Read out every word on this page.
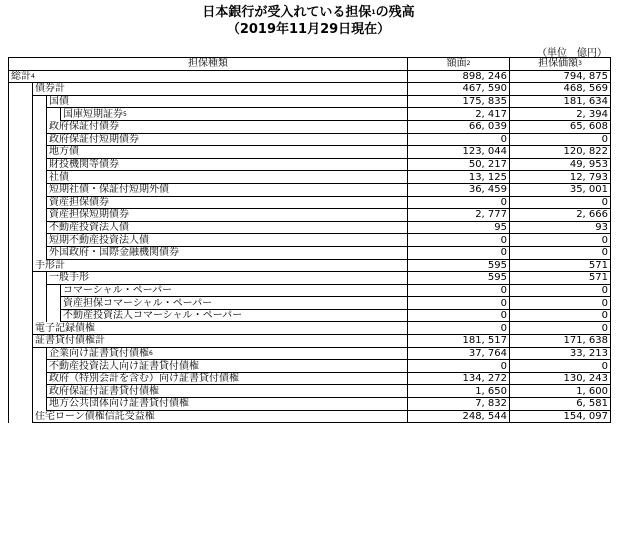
日本銀行が受入れている担保$^1$の残高
（2019年11月29日現在）
（単位　億円）
担保種類				額面$^2$	担保価額$^3$
総計$^4$				898, 246	794, 875
	債券計			467, 590	468, 569
		国債		175, 835	181, 634
			国庫短期証券$^5$	2, 417	2, 394
		政府保証付債券		66, 039	65, 608
		政府保証付短期債券		0	0
		地方債		123, 044	120, 822
		財投機関等債券		50, 217	49, 953
		社債		13, 125	12, 793
		短期社債・保証付短期外債		36, 459	35, 001
		資産担保債券		0	0
		資産担保短期債券		2, 777	2, 666
		不動産投資法人債		95	93
		短期不動産投資法人債		0	0
		外国政府・国際金融機関債券		0	0
	手形計			595	571
		一般手形		595	571
			コマーシャル・ペーパー	0	0
			資産担保コマーシャル・ペーパー	0	0
			不動産投資法人コマーシャル・ペーパー	0	0
	電子記録債権			0	0
	証書貸付債権計			181, 517	171, 638
		企業向け証書貸付債権$^6$		37, 764	33, 213
		不動産投資法人向け証書貸付債権		0	0
		政府（特別会計を含む）向け証書貸付債権		134, 272	130, 243
		政府保証付証書貸付債権		1, 650	1, 600
		地方公共団体向け証書貸付債権		7, 832	6, 581
	住宅ローン債権信託受益権			248, 544	154, 097
